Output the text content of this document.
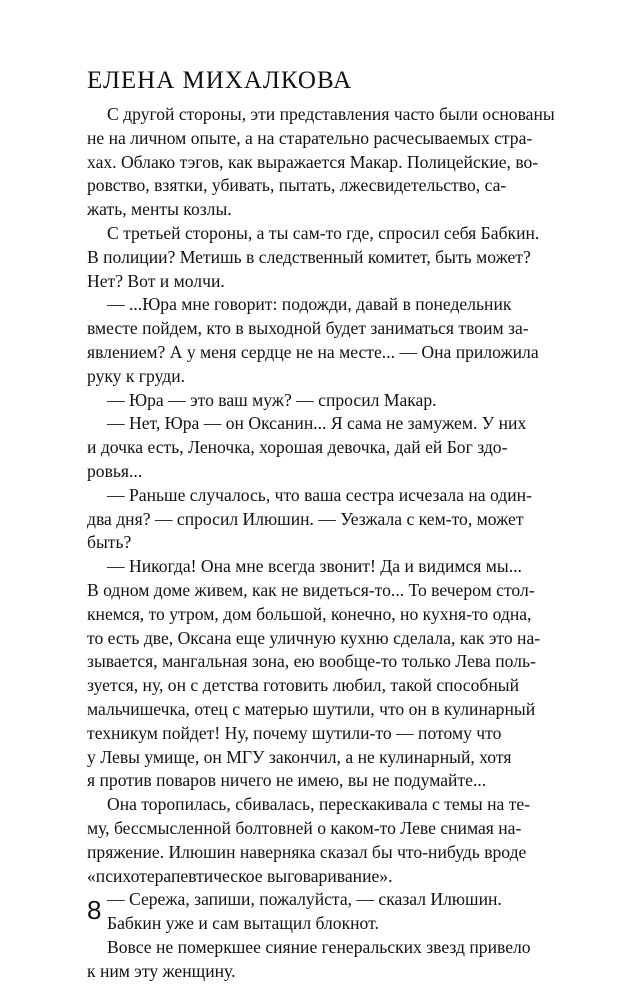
ЕЛЕНА МИХАЛКОВА
С другой стороны, эти представления часто были основаны
не на личном опыте, а на старательно расчесываемых стра-
хах. Облако тэгов, как выражается Макар. Полицейские, во-
ровство, взятки, убивать, пытать, лжесвидетельство, са-
жать, менты козлы.
С третьей стороны, а ты сам-то где, спросил себя Бабкин.
В полиции? Метишь в следственный комитет, быть может?
Нет? Вот и молчи.
— ...Юра мне говорит: подожди, давай в понедельник
вместе пойдем, кто в выходной будет заниматься твоим за-
явлением? А у меня сердце не на месте... — Она приложила
руку к груди.
— Юра — это ваш муж? — спросил Макар.
— Нет, Юра — он Оксанин... Я сама не замужем. У них
и дочка есть, Леночка, хорошая девочка, дай ей Бог здо-
ровья...
— Раньше случалось, что ваша сестра исчезала на один-
два дня? — спросил Илюшин. — Уезжала с кем-то, может
быть?
— Никогда! Она мне всегда звонит! Да и видимся мы...
В одном доме живем, как не видеться-то... То вечером стол-
кнемся, то утром, дом большой, конечно, но кухня-то одна,
то есть две, Оксана еще уличную кухню сделала, как это на-
зывается, мангальная зона, ею вообще-то только Лева поль-
зуется, ну, он с детства готовить любил, такой способный
мальчишечка, отец с матерью шутили, что он в кулинарный
техникум пойдет! Ну, почему шутили-то — потому что
у Левы умище, он МГУ закончил, а не кулинарный, хотя
я против поваров ничего не имею, вы не подумайте...
Она торопилась, сбивалась, перескакивала с темы на те-
му, бессмысленной болтовней о каком-то Леве снимая на-
пряжение. Илюшин наверняка сказал бы что-нибудь вроде
«психотерапевтическое выговаривание».
— Сережа, запиши, пожалуйста, — сказал Илюшин.
Бабкин уже и сам вытащил блокнот.
Вовсе не померкшее сияние генеральских звезд привело
к ним эту женщину.
8
